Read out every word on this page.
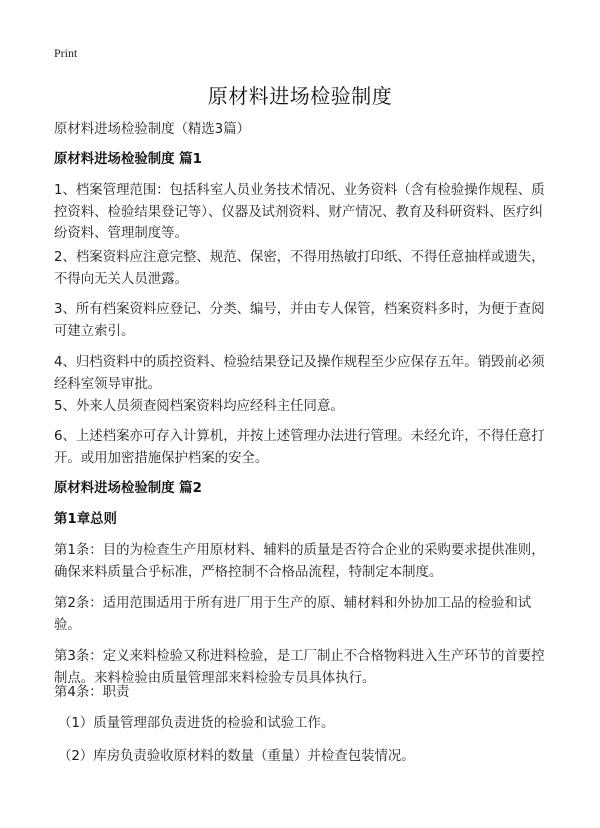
Print
原材料进场检验制度
原材料进场检验制度（精选3篇）
原材料进场检验制度 篇1
1、档案管理范围：包括科室人员业务技术情况、业务资料（含有检验操作规程、质控资料、检验结果登记等）、仪器及试剂资料、财产情况、教育及科研资料、医疗纠纷资料、管理制度等。
2、档案资料应注意完整、规范、保密，不得用热敏打印纸、不得任意抽样或遗失，不得向无关人员泄露。
3、所有档案资料应登记、分类、编号，并由专人保管，档案资料多时，为便于查阅可建立索引。
4、归档资料中的质控资料、检验结果登记及操作规程至少应保存五年。销毁前必须经科室领导审批。
5、外来人员须查阅档案资料均应经科主任同意。
6、上述档案亦可存入计算机，并按上述管理办法进行管理。未经允许，不得任意打开。或用加密措施保护档案的安全。
原材料进场检验制度 篇2
第1章总则
第1条：目的为检查生产用原材料、辅料的质量是否符合企业的采购要求提供准则，确保来料质量合乎标准，严格控制不合格品流程，特制定本制度。
第2条：适用范围适用于所有进厂用于生产的原、辅材料和外协加工品的检验和试验。
第3条：定义来料检验又称进料检验，是工厂制止不合格物料进入生产环节的首要控制点。来料检验由质量管理部来料检验专员具体执行。
第4条：职责
（1）质量管理部负责进货的检验和试验工作。
（2）库房负责验收原材料的数量（重量）并检查包装情况。
